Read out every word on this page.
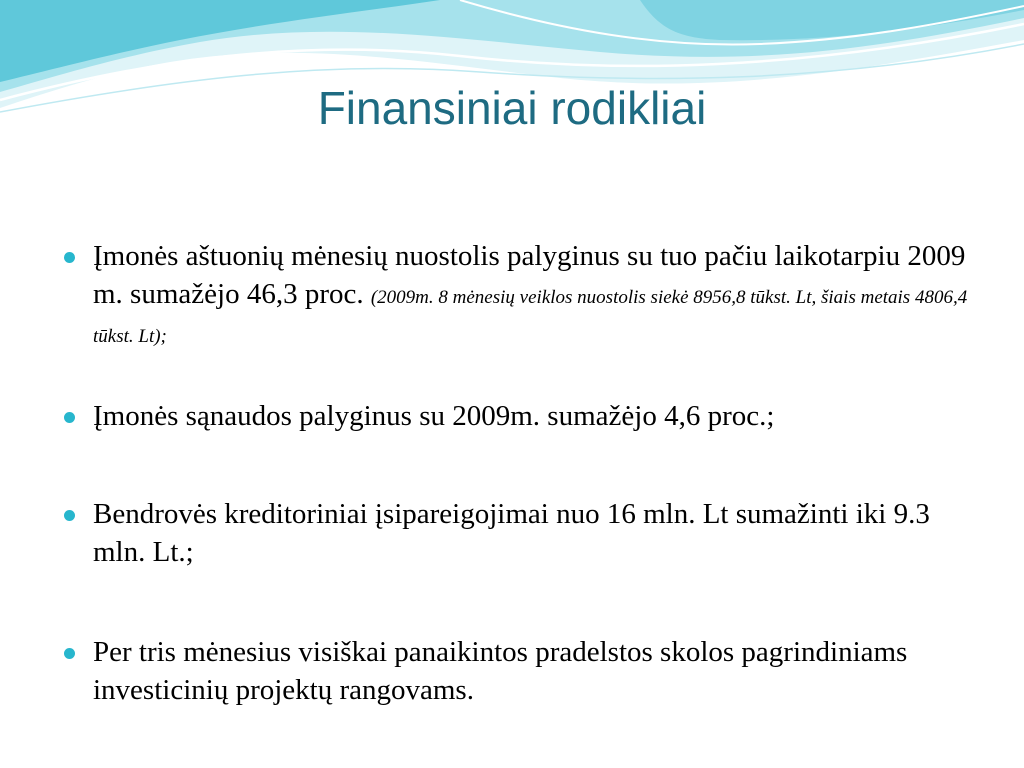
Finansiniai rodikliai
Įmonės aštuonių mėnesių nuostolis palyginus su tuo pačiu laikotarpiu 2009 m. sumažėjo 46,3 proc. (2009m. 8 mėnesių veiklos nuostolis siekė 8956,8 tūkst. Lt, šiais metais 4806,4 tūkst. Lt);
Įmonės sąnaudos palyginus su 2009m. sumažėjo 4,6 proc.;
Bendrovės kreditoriniai įsipareigojimai nuo 16 mln. Lt sumažinti iki 9.3 mln. Lt.;
Per tris mėnesius visiškai panaikintos pradelstos skolos pagrindiniams investicinių projektų rangovams.
